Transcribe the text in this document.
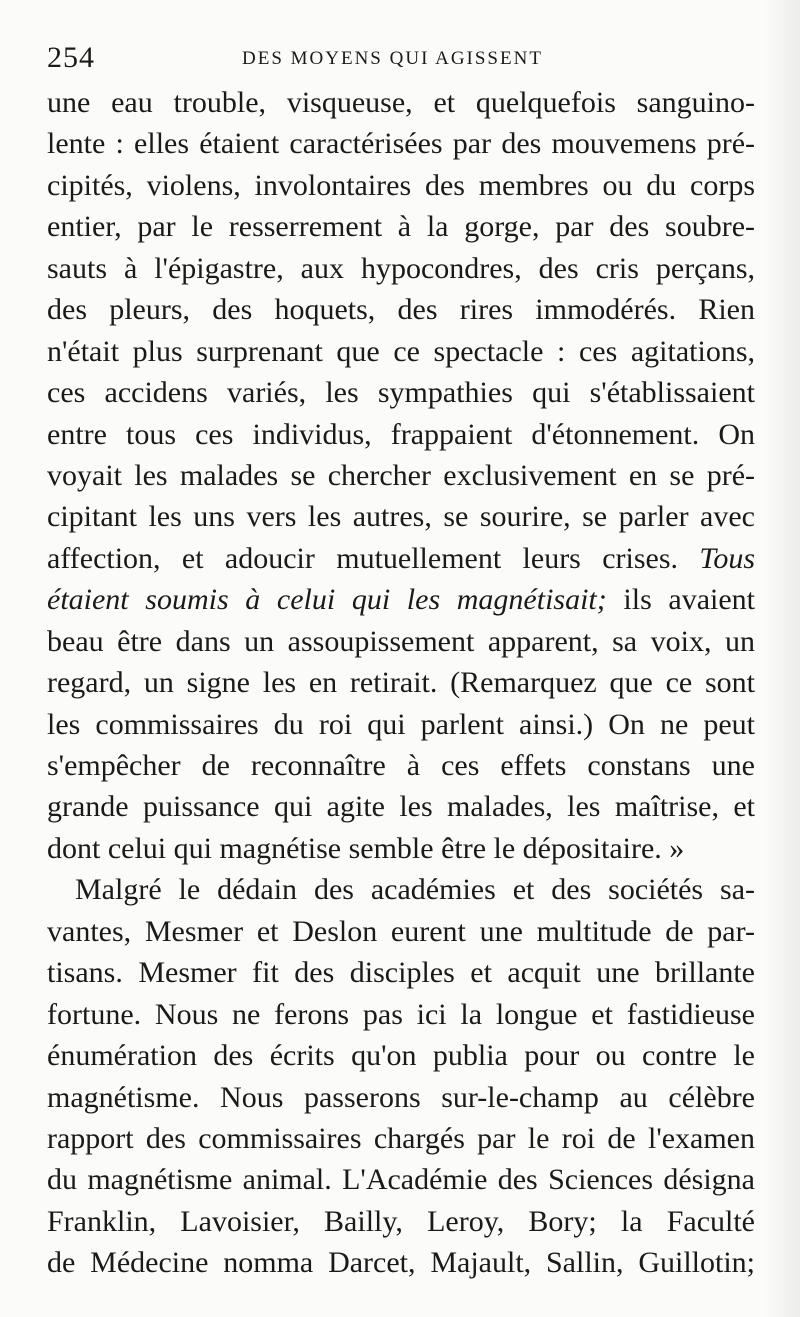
254	DES MOYENS QUI AGISSENT
une eau trouble, visqueuse, et quelquefois sanguino-
lente : elles étaient caractérisées par des mouvemens pré-
cipités, violens, involontaires des membres ou du corps
entier, par le resserrement à la gorge, par des soubre-
sauts à l'épigastre, aux hypocondres, des cris perçans,
des pleurs, des hoquets, des rires immodérés. Rien
n'était plus surprenant que ce spectacle : ces agitations,
ces accidens variés, les sympathies qui s'établissaient
entre tous ces individus, frappaient d'étonnement. On
voyait les malades se chercher exclusivement en se pré-
cipitant les uns vers les autres, se sourire, se parler avec
affection, et adoucir mutuellement leurs crises. Tous
étaient soumis à celui qui les magnétisait; ils avaient
beau être dans un assoupissement apparent, sa voix, un
regard, un signe les en retirait. (Remarquez que ce sont
les commissaires du roi qui parlent ainsi.) On ne peut
s'empêcher de reconnaître à ces effets constans une
grande puissance qui agite les malades, les maîtrise, et
dont celui qui magnétise semble être le dépositaire. »
Malgré le dédain des académies et des sociétés sa-
vantes, Mesmer et Deslon eurent une multitude de par-
tisans. Mesmer fit des disciples et acquit une brillante
fortune. Nous ne ferons pas ici la longue et fastidieuse
énumération des écrits qu'on publia pour ou contre le
magnétisme. Nous passerons sur-le-champ au célèbre
rapport des commissaires chargés par le roi de l'examen
du magnétisme animal. L'Académie des Sciences désigna
Franklin, Lavoisier, Bailly, Leroy, Bory; la Faculté
de Médecine nomma Darcet, Majault, Sallin, Guillotin;
